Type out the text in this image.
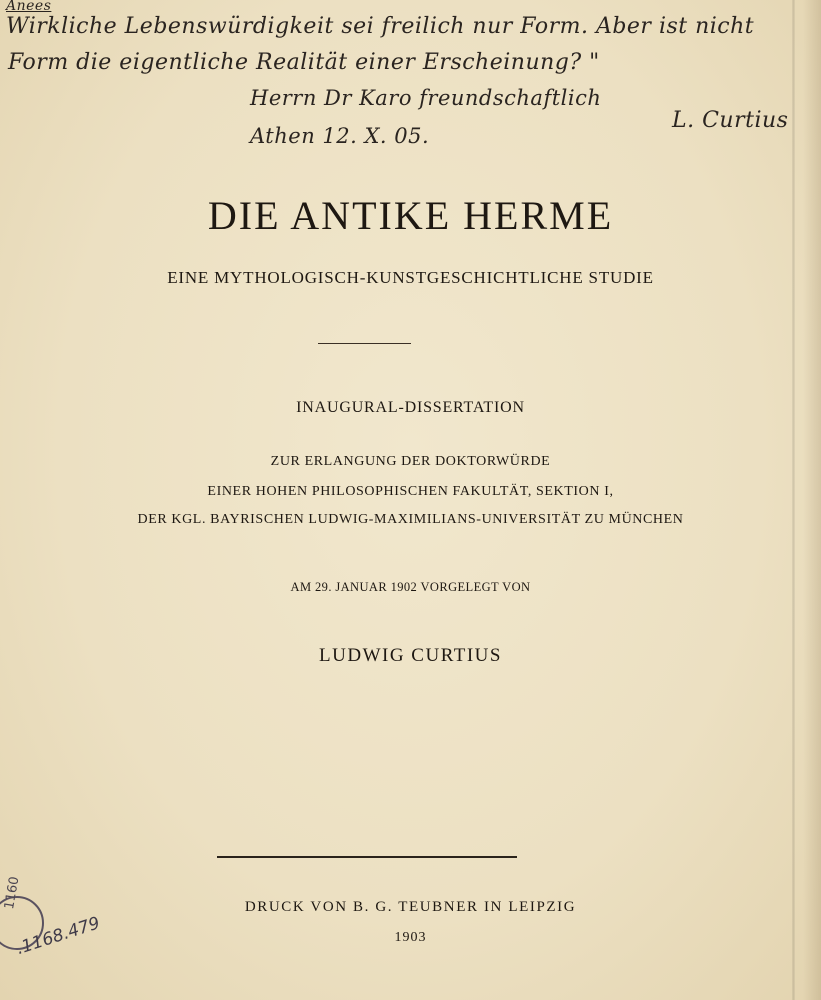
Anees
Wirkliche Lebenswürdigkeit sei freilich nur Form. Aber ist nicht
Form die eigentliche Realität einer Erscheinung? "
Herrn Dr Karo freundschaftlich
Athen 12. X. 05.
L. Curtius
DIE ANTIKE HERME
EINE MYTHOLOGISCH-KUNSTGESCHICHTLICHE STUDIE
INAUGURAL-DISSERTATION
ZUR ERLANGUNG DER DOKTORWÜRDE
EINER HOHEN PHILOSOPHISCHEN FAKULTÄT, SEKTION I,
DER KGL. BAYRISCHEN LUDWIG-MAXIMILIANS-UNIVERSITÄT ZU MÜNCHEN
AM 29. JANUAR 1902 VORGELEGT VON
LUDWIG CURTIUS
DRUCK VON B. G. TEUBNER IN LEIPZIG
1903
1160
.1168.479
